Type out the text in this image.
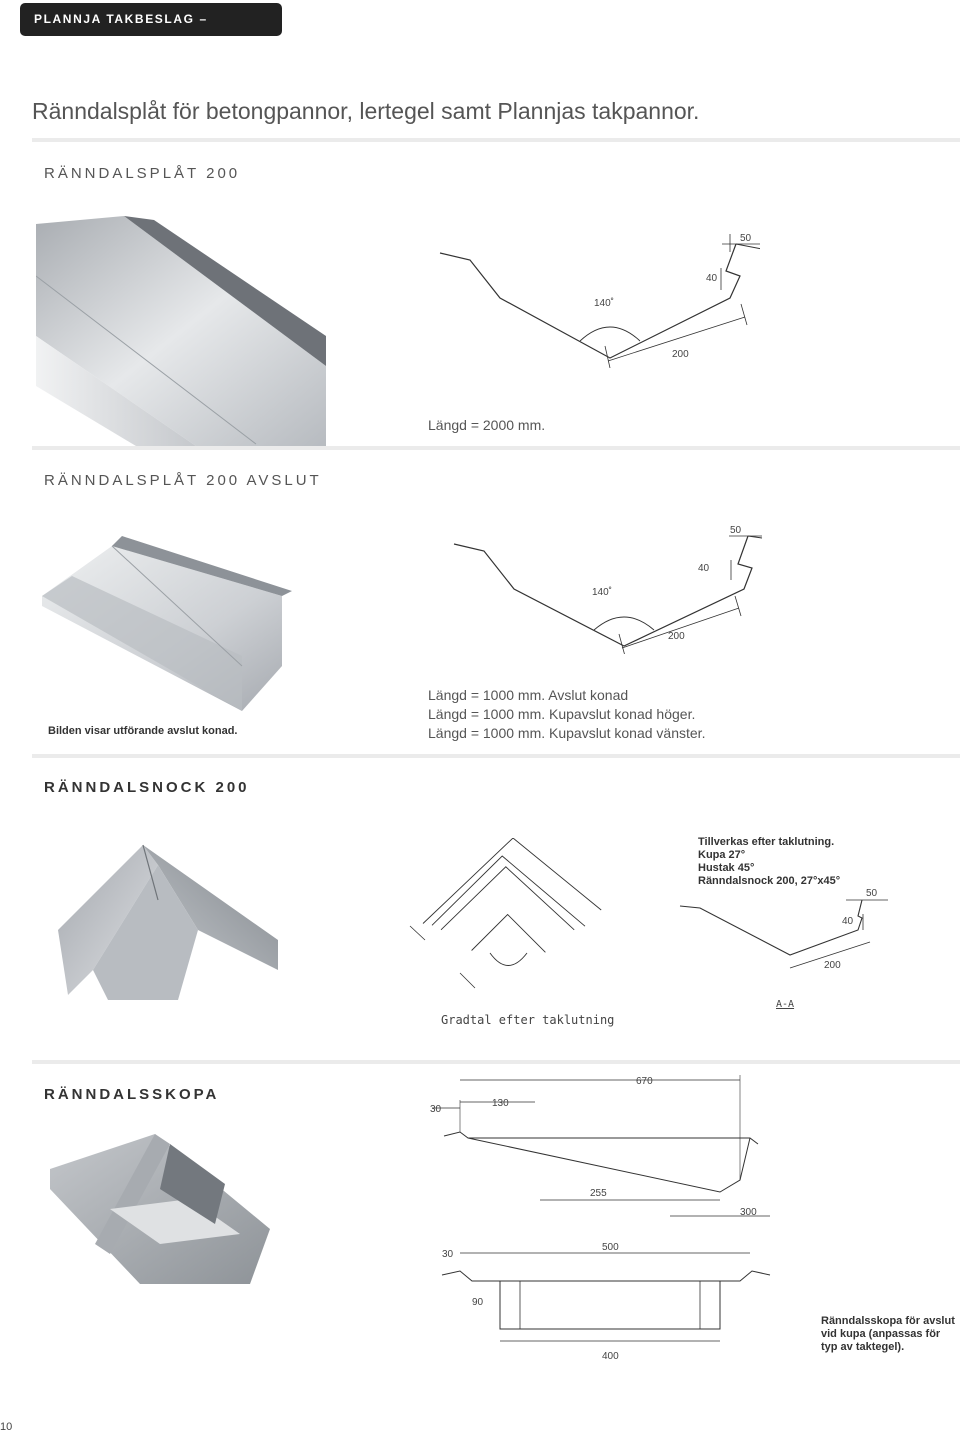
PLANNJA TAKBESLAG – STANDARD
Ränndalsplåt för betongpannor, lertegel samt Plannjas takpannor.
RÄNNDALSPLÅT 200
50
40
140˚
200
Längd = 2000 mm.
RÄNNDALSPLÅT 200 AVSLUT
50
40
140˚
200
Bilden visar utförande avslut konad.
Längd = 1000 mm. Avslut konad
Längd = 1000 mm. Kupavslut konad höger.
Längd = 1000 mm. Kupavslut konad vänster.
RÄNNDALSNOCK 200
Gradtal efter taklutning
Tillverkas efter taklutning.
Kupa 27°
Hustak 45°
Ränndalsnock 200, 27°x45°
50
40
200
A-A
RÄNNDALSSKOPA
670
30
130
255
300
500
30
400
90
Ränndalsskopa för avslut vid kupa (anpassas för typ av taktegel).
10
